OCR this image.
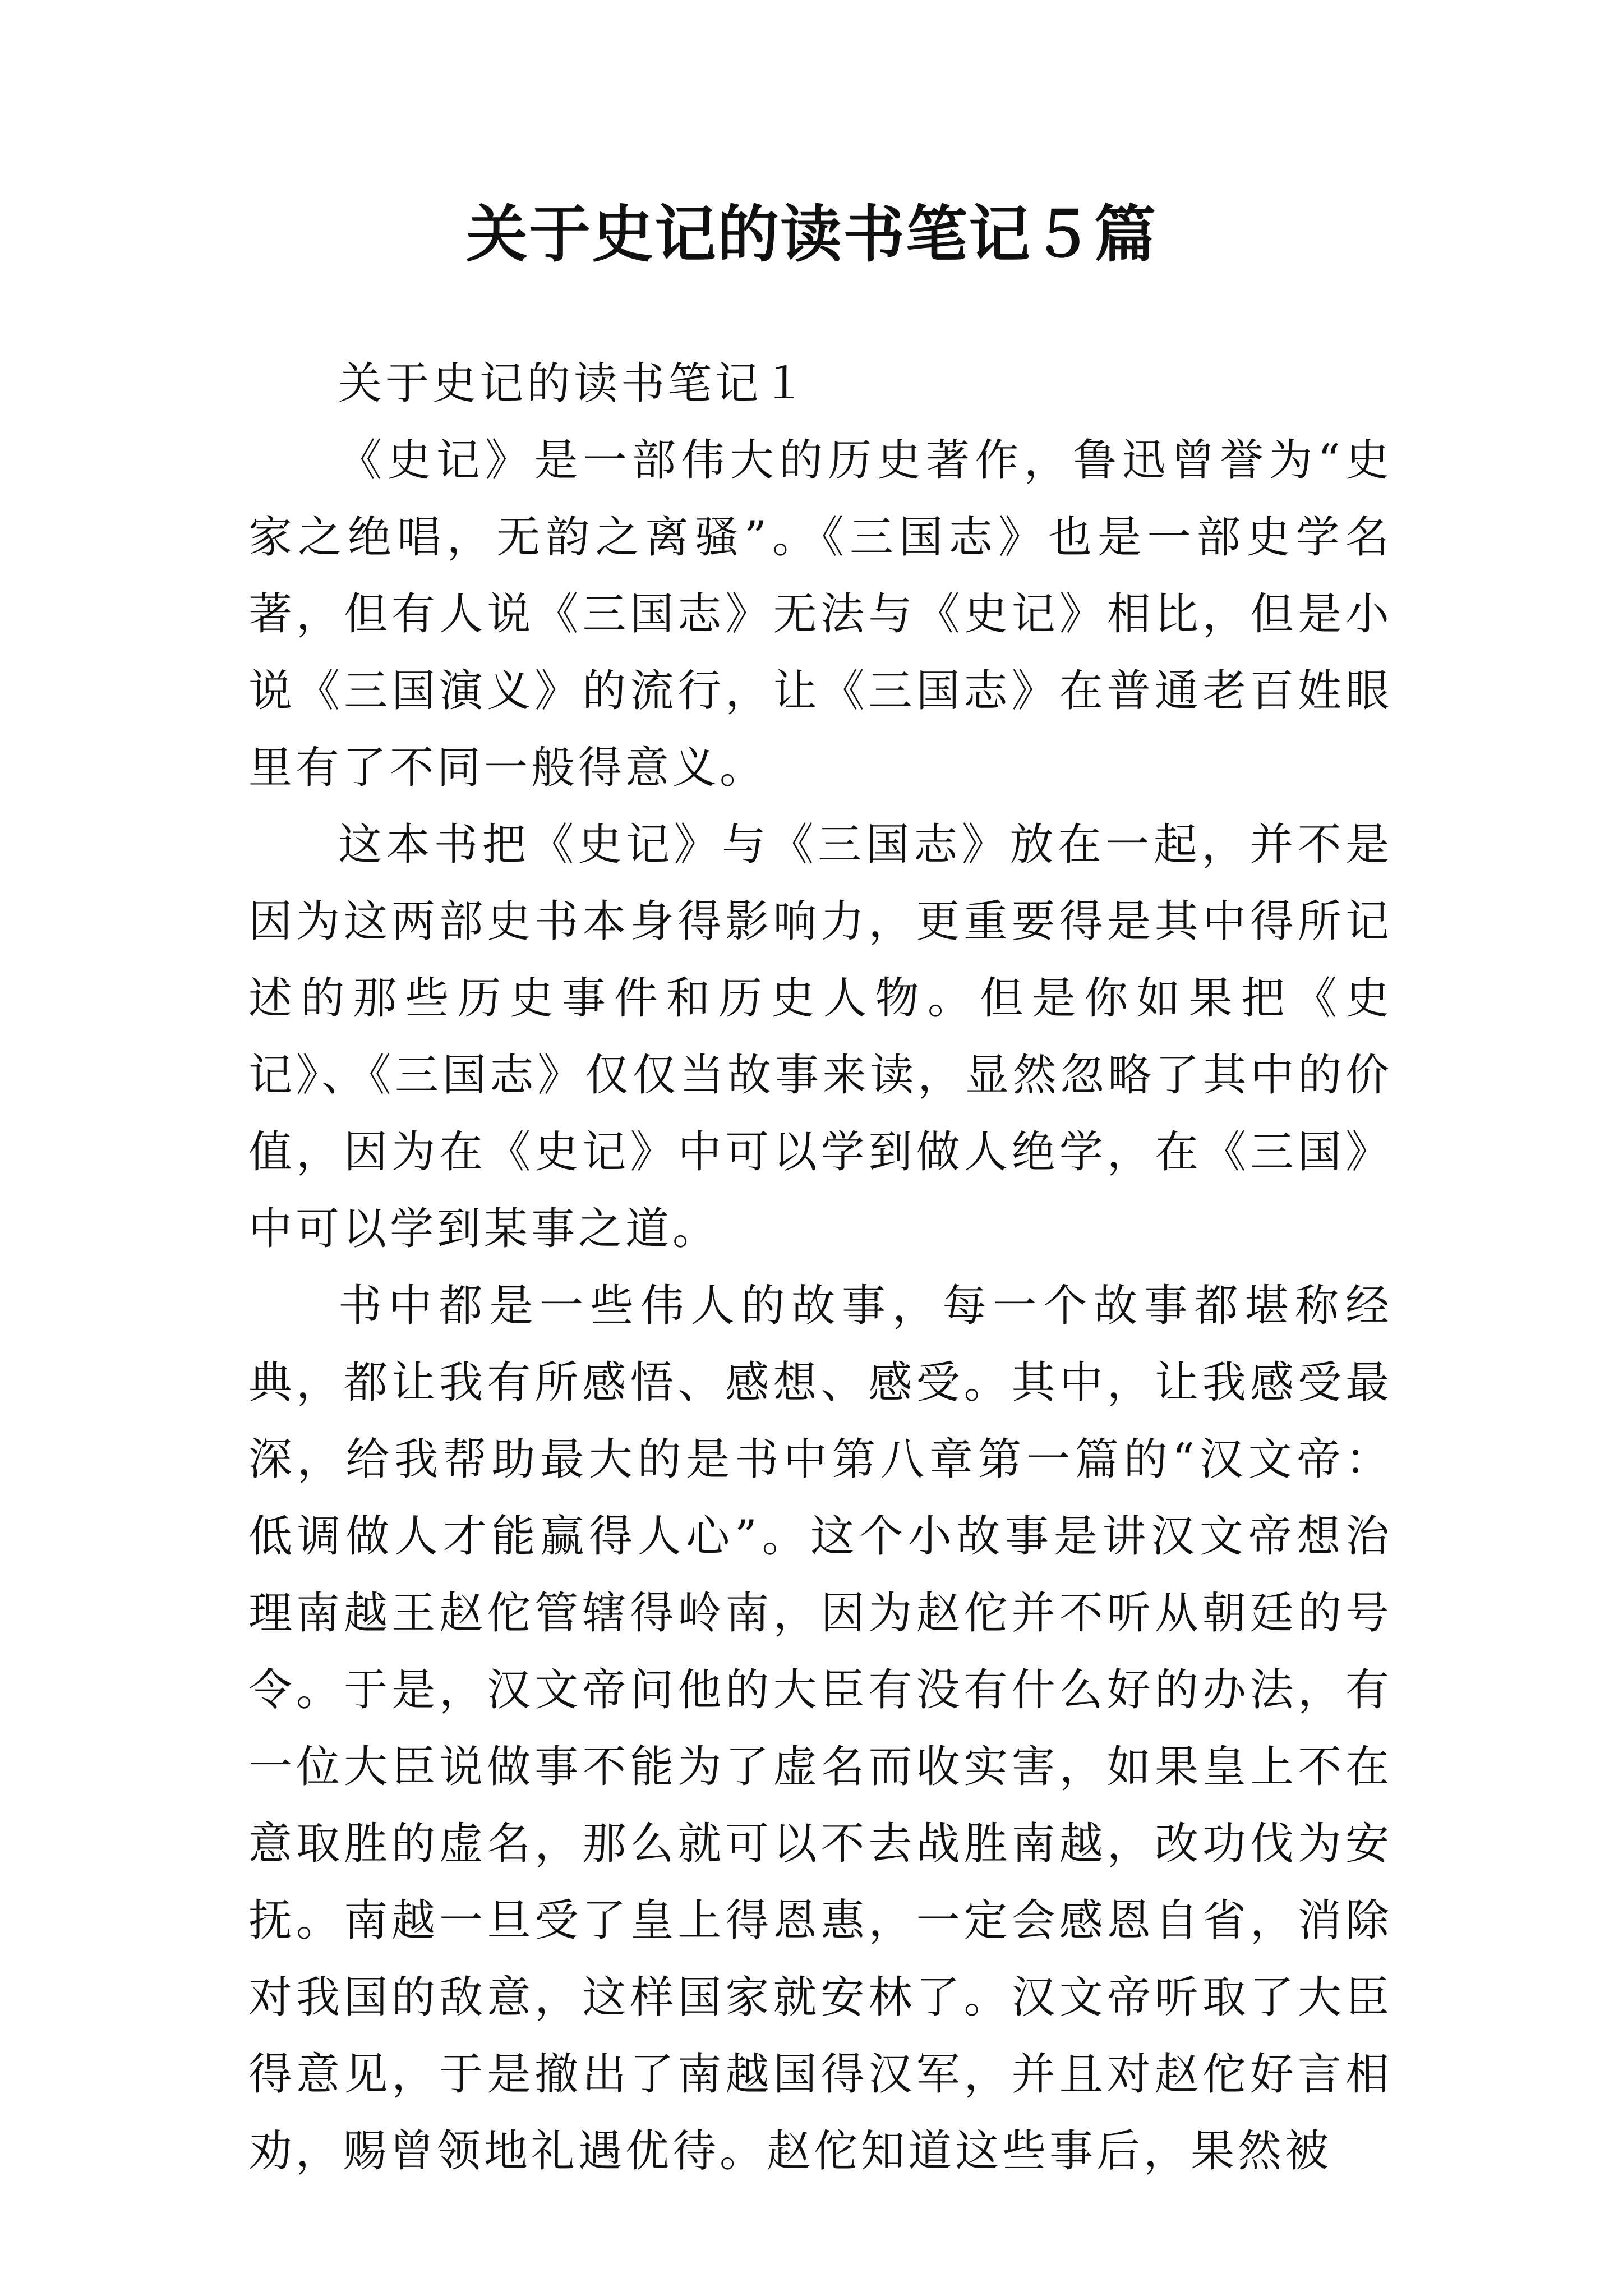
关于史记的读书笔记５篇

关于史记的读书笔记１

《史记》是一部伟大的历史著作，鲁迅曾誉为“史家之绝唱，无韵之离骚”。《三国志》也是一部史学名著，但有人说《三国志》无法与《史记》相比，但是小说《三国演义》的流行，让《三国志》在普通老百姓眼里有了不同一般得意义。

这本书把《史记》与《三国志》放在一起，并不是因为这两部史书本身得影响力，更重要得是其中得所记述的那些历史事件和历史人物。但是你如果把《史记》、《三国志》仅仅当故事来读，显然忽略了其中的价值，因为在《史记》中可以学到做人绝学，在《三国》中可以学到某事之道。

书中都是一些伟人的故事，每一个故事都堪称经典，都让我有所感悟、感想、感受。其中，让我感受最深，给我帮助最大的是书中第八章第一篇的“汉文帝：低调做人才能赢得人心”。这个小故事是讲汉文帝想治理南越王赵佗管辖得岭南，因为赵佗并不听从朝廷的号令。于是，汉文帝问他的大臣有没有什么好的办法，有一位大臣说做事不能为了虚名而收实害，如果皇上不在意取胜的虚名，那么就可以不去战胜南越，改功伐为安抚。南越一旦受了皇上得恩惠，一定会感恩自省，消除对我国的敌意，这样国家就安林了。汉文帝听取了大臣得意见，于是撤出了南越国得汉军，并且对赵佗好言相劝，赐曾领地礼遇优待。赵佗知道这些事后，果然被
